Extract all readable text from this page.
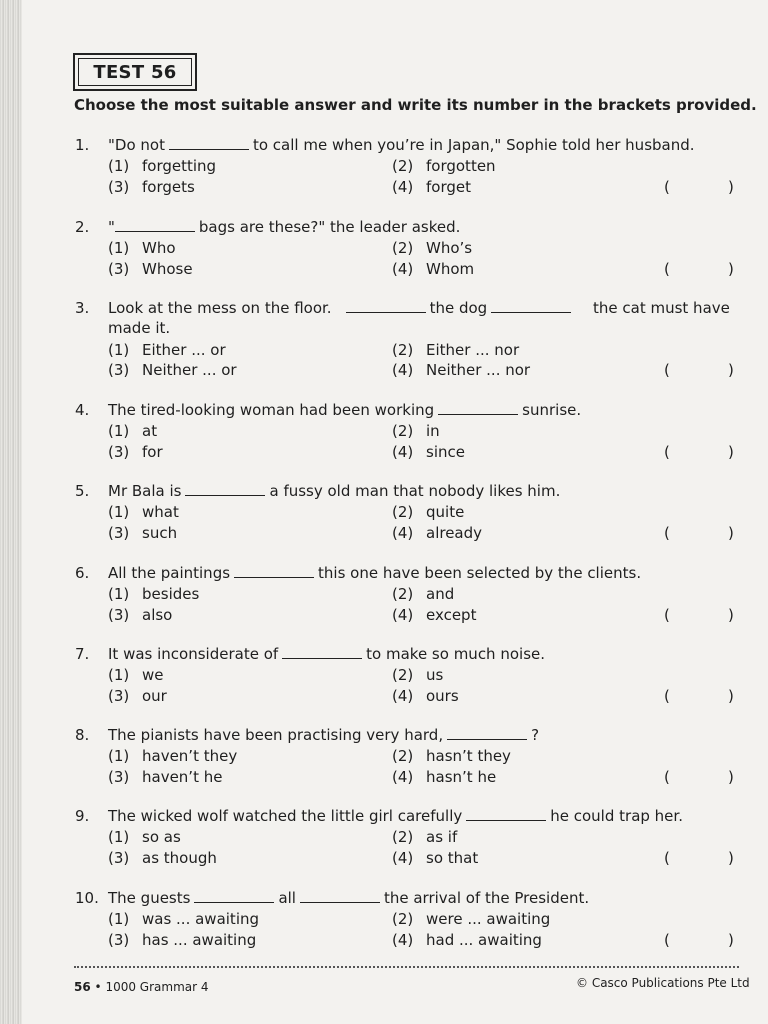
TEST 56
Choose the most suitable answer and write its number in the brackets provided.
1. "Do not	to call me when you’re in Japan," Sophie told her husband.
(1) forgetting	(2) forgotten
(3) forgets	(4) forget	(	)
2. "	bags are these?" the leader asked.
(1) Who	(2) Who’s
(3) Whose	(4) Whom	(	)
3. Look at the mess on the floor.	the dog	the cat must have
made it.
(1) Either ... or	(2) Either ... nor
(3) Neither ... or	(4) Neither ... nor	(	)
4. The tired-looking woman had been working	sunrise.
(1) at	(2) in
(3) for	(4) since	(	)
5. Mr Bala is	a fussy old man that nobody likes him.
(1) what	(2) quite
(3) such	(4) already	(	)
6. All the paintings	this one have been selected by the clients.
(1) besides	(2) and
(3) also	(4) except	(	)
7. It was inconsiderate of	to make so much noise.
(1) we	(2) us
(3) our	(4) ours	(	)
8. The pianists have been practising very hard,	?
(1) haven’t they	(2) hasn’t they
(3) haven’t he	(4) hasn’t he	(	)
9. The wicked wolf watched the little girl carefully	he could trap her.
(1) so as	(2) as if
(3) as though	(4) so that	(	)
10. The guests	all	the arrival of the President.
(1) was ... awaiting	(2) were ... awaiting
(3) has ... awaiting	(4) had ... awaiting	(	)
56 • 1000 Grammar 4	© Casco Publications Pte Ltd
